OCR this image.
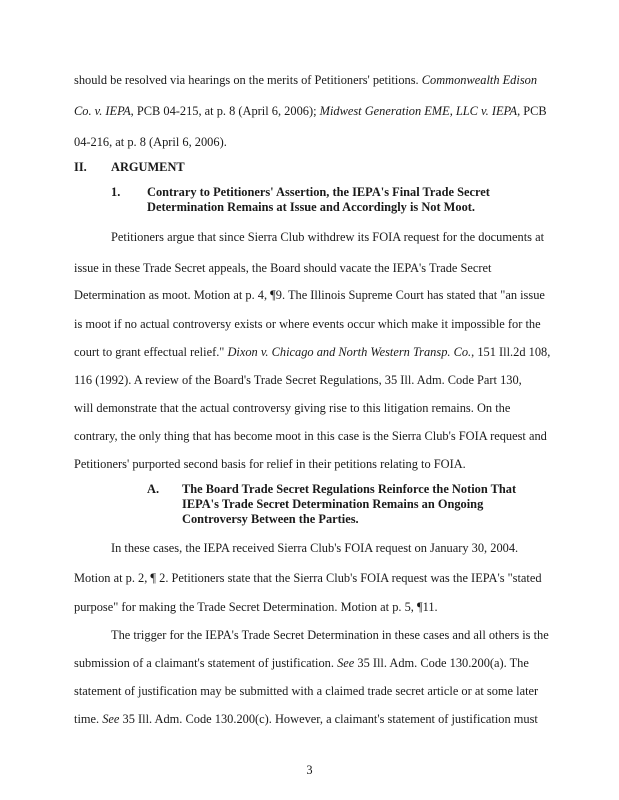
should be resolved via hearings on the merits of Petitioners' petitions. Commonwealth Edison
Co. v. IEPA, PCB 04-215, at p. 8 (April 6, 2006); Midwest Generation EME, LLC v. IEPA, PCB
04-216, at p. 8 (April 6, 2006).
II. ARGUMENT
1. Contrary to Petitioners' Assertion, the IEPA's Final Trade Secret
Determination Remains at Issue and Accordingly is Not Moot.
Petitioners argue that since Sierra Club withdrew its FOIA request for the documents at
issue in these Trade Secret appeals, the Board should vacate the IEPA's Trade Secret
Determination as moot. Motion at p. 4, ¶9. The Illinois Supreme Court has stated that "an issue
is moot if no actual controversy exists or where events occur which make it impossible for the
court to grant effectual relief." Dixon v. Chicago and North Western Transp. Co., 151 Ill.2d 108,
116 (1992). A review of the Board's Trade Secret Regulations, 35 Ill. Adm. Code Part 130,
will demonstrate that the actual controversy giving rise to this litigation remains. On the
contrary, the only thing that has become moot in this case is the Sierra Club's FOIA request and
Petitioners' purported second basis for relief in their petitions relating to FOIA.
A. The Board Trade Secret Regulations Reinforce the Notion That
IEPA's Trade Secret Determination Remains an Ongoing
Controversy Between the Parties.
In these cases, the IEPA received Sierra Club's FOIA request on January 30, 2004.
Motion at p. 2, ¶ 2. Petitioners state that the Sierra Club's FOIA request was the IEPA's "stated
purpose" for making the Trade Secret Determination. Motion at p. 5, ¶11.
The trigger for the IEPA's Trade Secret Determination in these cases and all others is the
submission of a claimant's statement of justification. See 35 Ill. Adm. Code 130.200(a). The
statement of justification may be submitted with a claimed trade secret article or at some later
time. See 35 Ill. Adm. Code 130.200(c). However, a claimant's statement of justification must
3
